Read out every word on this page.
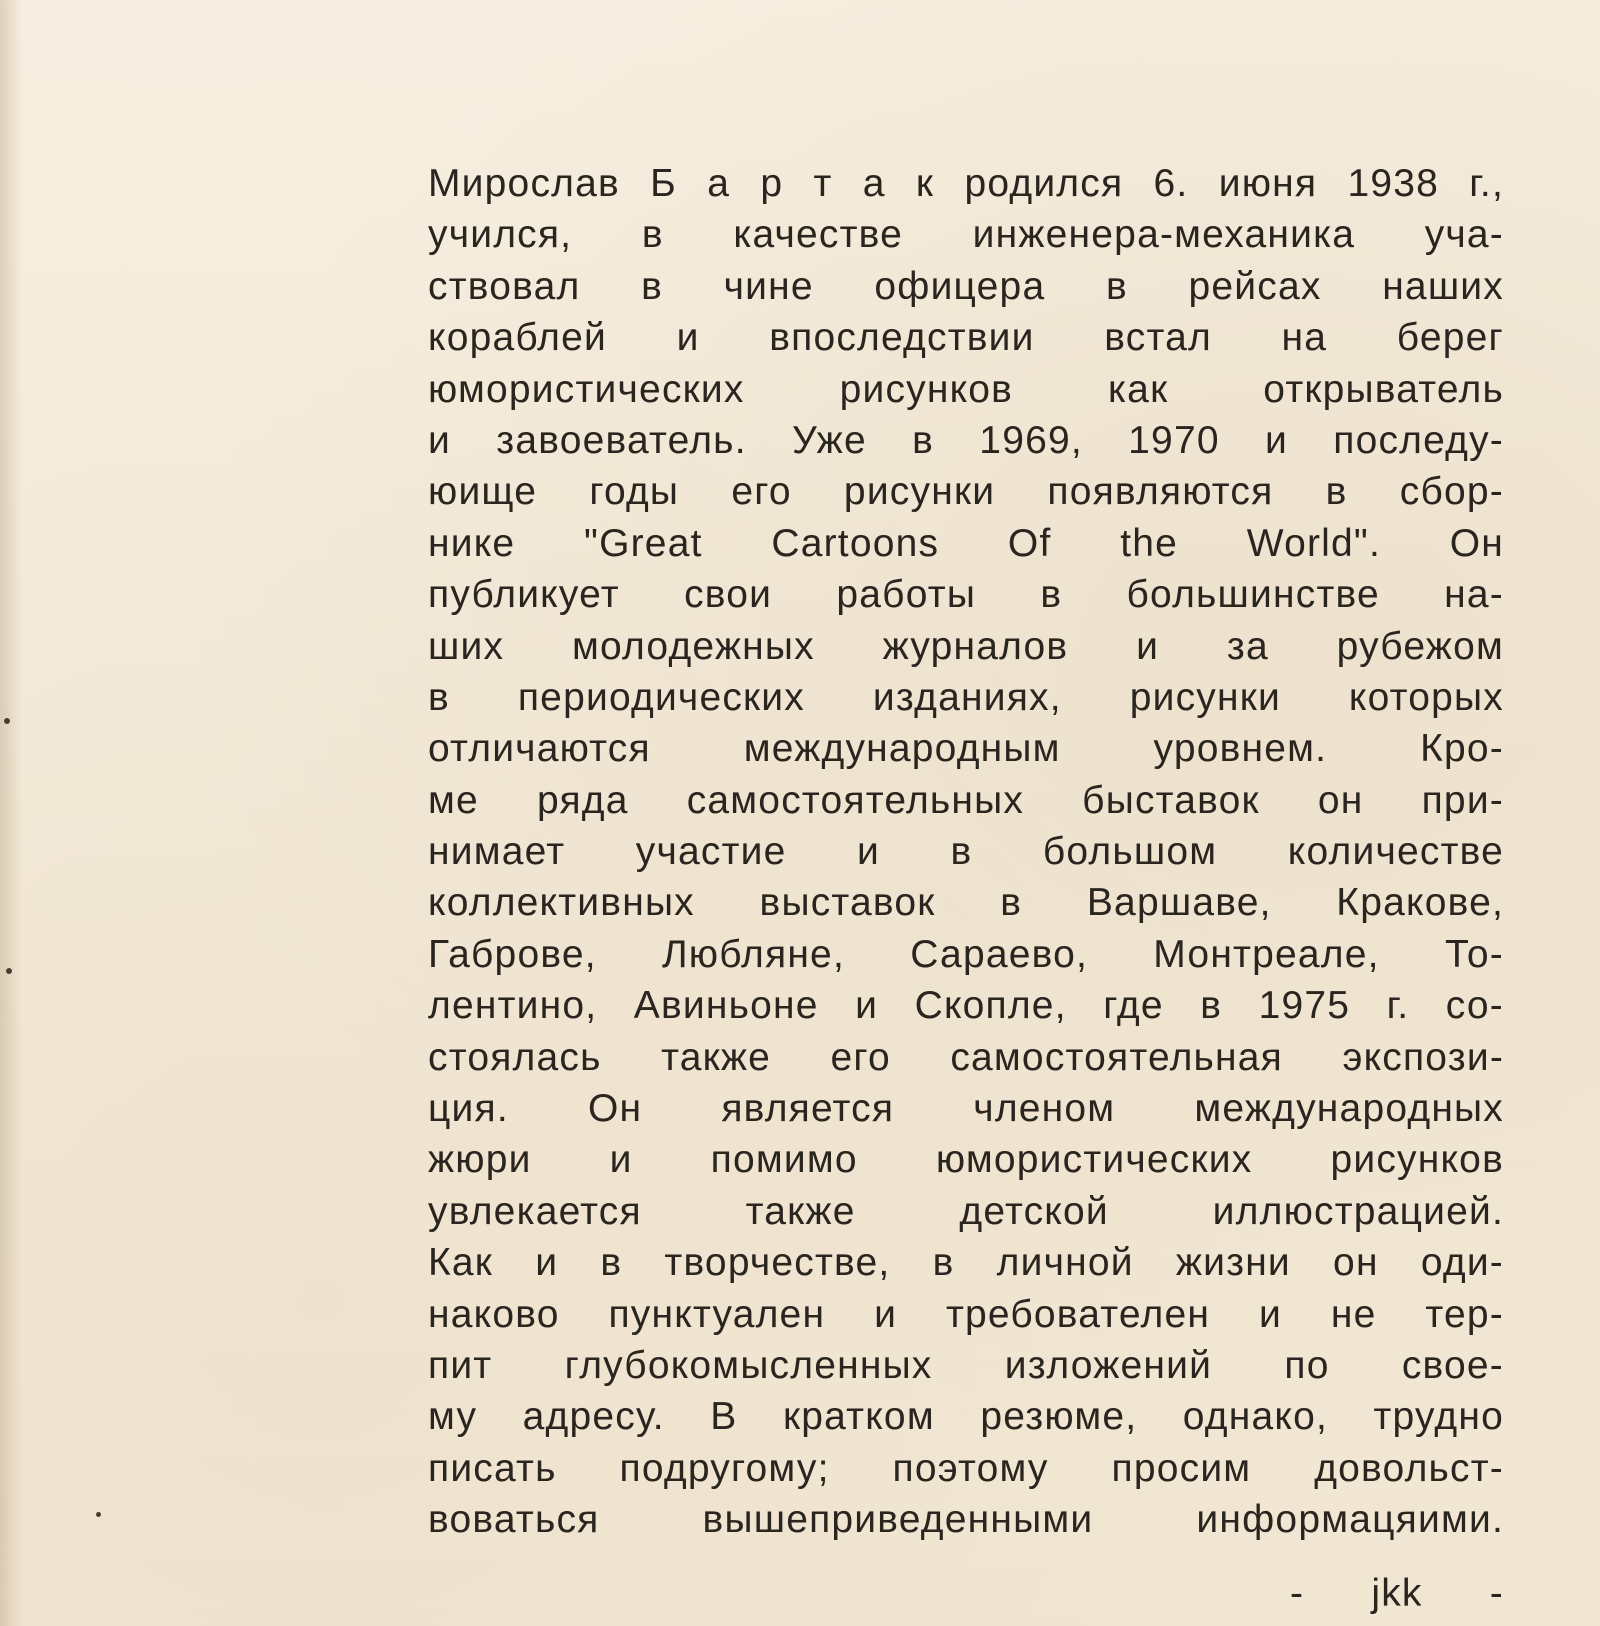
Мирослав Б а р т а к родился 6. июня 1938 г.,
учился, в качестве инженера-механика уча-
ствовал в чине офицера в рейсах наших
кораблей и впоследствии встал на берег
юмористических рисунков как открыватель
и завоеватель. Уже в 1969, 1970 и последу-
юище годы его рисунки появляются в сбор-
нике "Great Cartoons Of the World". Он
публикует свои работы в большинстве на-
ших молодежных журналов и за рубежом
в периодических изданиях, рисунки которых
отличаются международным уровнем. Кро-
ме ряда самостоятельных быставок он при-
нимает участие и в большом количестве
коллективных выставок в Варшаве, Кракове,
Габрове, Любляне, Сараево, Монтреале, То-
лентино, Авиньоне и Скопле, где в 1975 г. со-
стоялась также его самостоятельная экспози-
ция. Он является членом международных
жюри и помимо юмористических рисунков
увлекается также детской иллюстрацией.
Как и в творчестве, в личной жизни он оди-
наково пунктуален и требователен и не тер-
пит глубокомысленных изложений по свое-
му адресу. В кратком резюме, однако, трудно
писать подругому; поэтому просим довольст-
воваться вышеприведенными информацяими.
- jkk -
